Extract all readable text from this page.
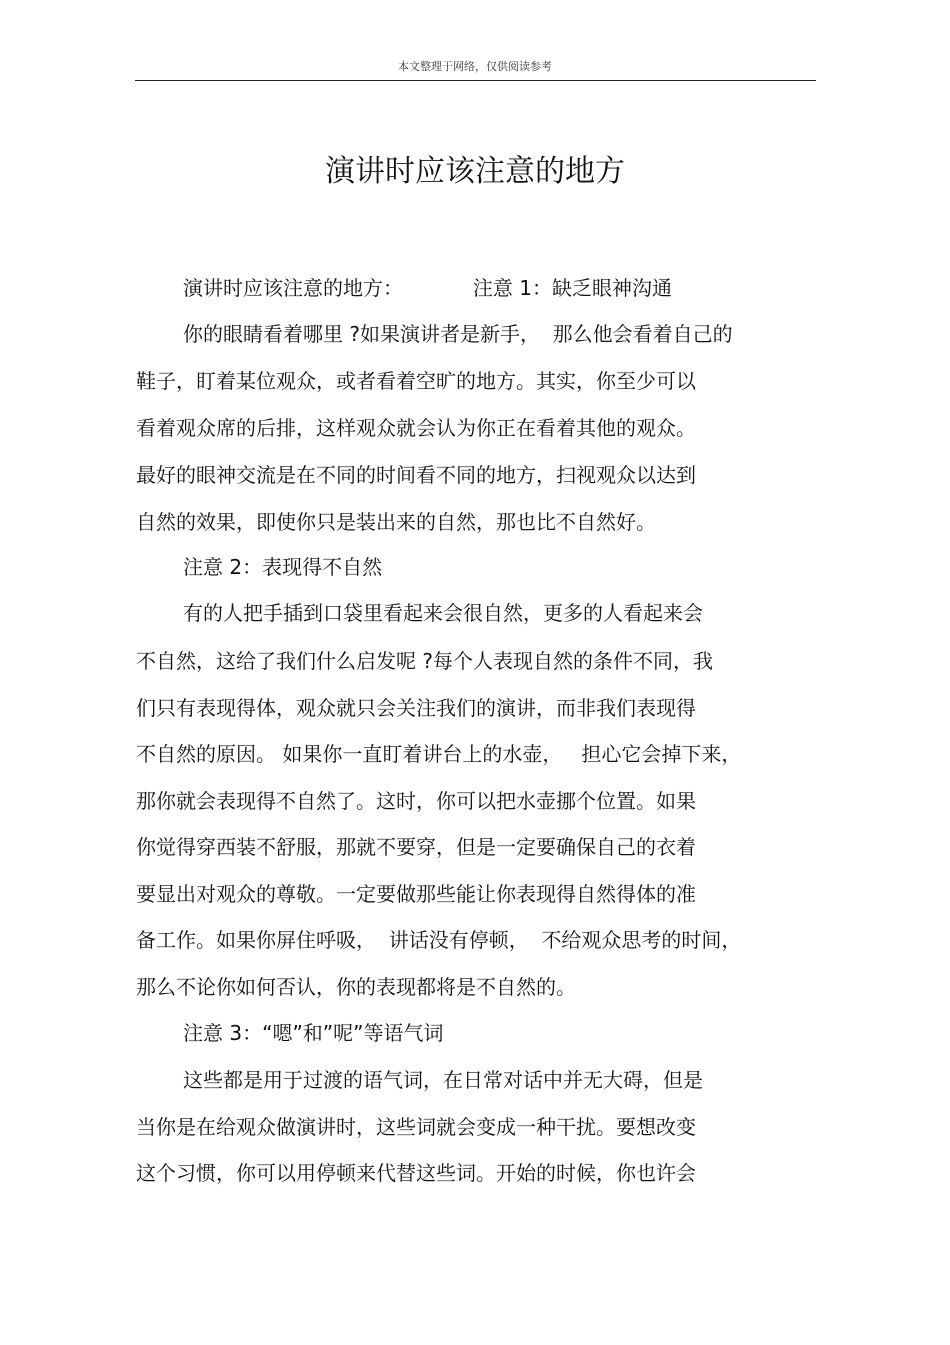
本文整理于网络，仅供阅读参考
演讲时应该注意的地方
演讲时应该注意的地方：           注意 1：缺乏眼神沟通
你的眼睛看着哪里 ?如果演讲者是新手，  那么他会看着自己的
鞋子，盯着某位观众，或者看着空旷的地方。其实，你至少可以
看着观众席的后排，这样观众就会认为你正在看着其他的观众。
最好的眼神交流是在不同的时间看不同的地方，扫视观众以达到
自然的效果，即使你只是装出来的自然，那也比不自然好。
注意 2：表现得不自然
有的人把手插到口袋里看起来会很自然，更多的人看起来会
不自然，这给了我们什么启发呢 ?每个人表现自然的条件不同，我
们只有表现得体，观众就只会关注我们的演讲，而非我们表现得
不自然的原因。 如果你一直盯着讲台上的水壶，   担心它会掉下来，
那你就会表现得不自然了。这时，你可以把水壶挪个位置。如果
你觉得穿西装不舒服，那就不要穿，但是一定要确保自己的衣着
要显出对观众的尊敬。一定要做那些能让你表现得自然得体的准
备工作。如果你屏住呼吸，  讲话没有停顿，  不给观众思考的时间，
那么不论你如何否认，你的表现都将是不自然的。
注意 3：“嗯”和”呢”等语气词
这些都是用于过渡的语气词，在日常对话中并无大碍，但是
当你是在给观众做演讲时，这些词就会变成一种干扰。要想改变
这个习惯，你可以用停顿来代替这些词。开始的时候，你也许会
